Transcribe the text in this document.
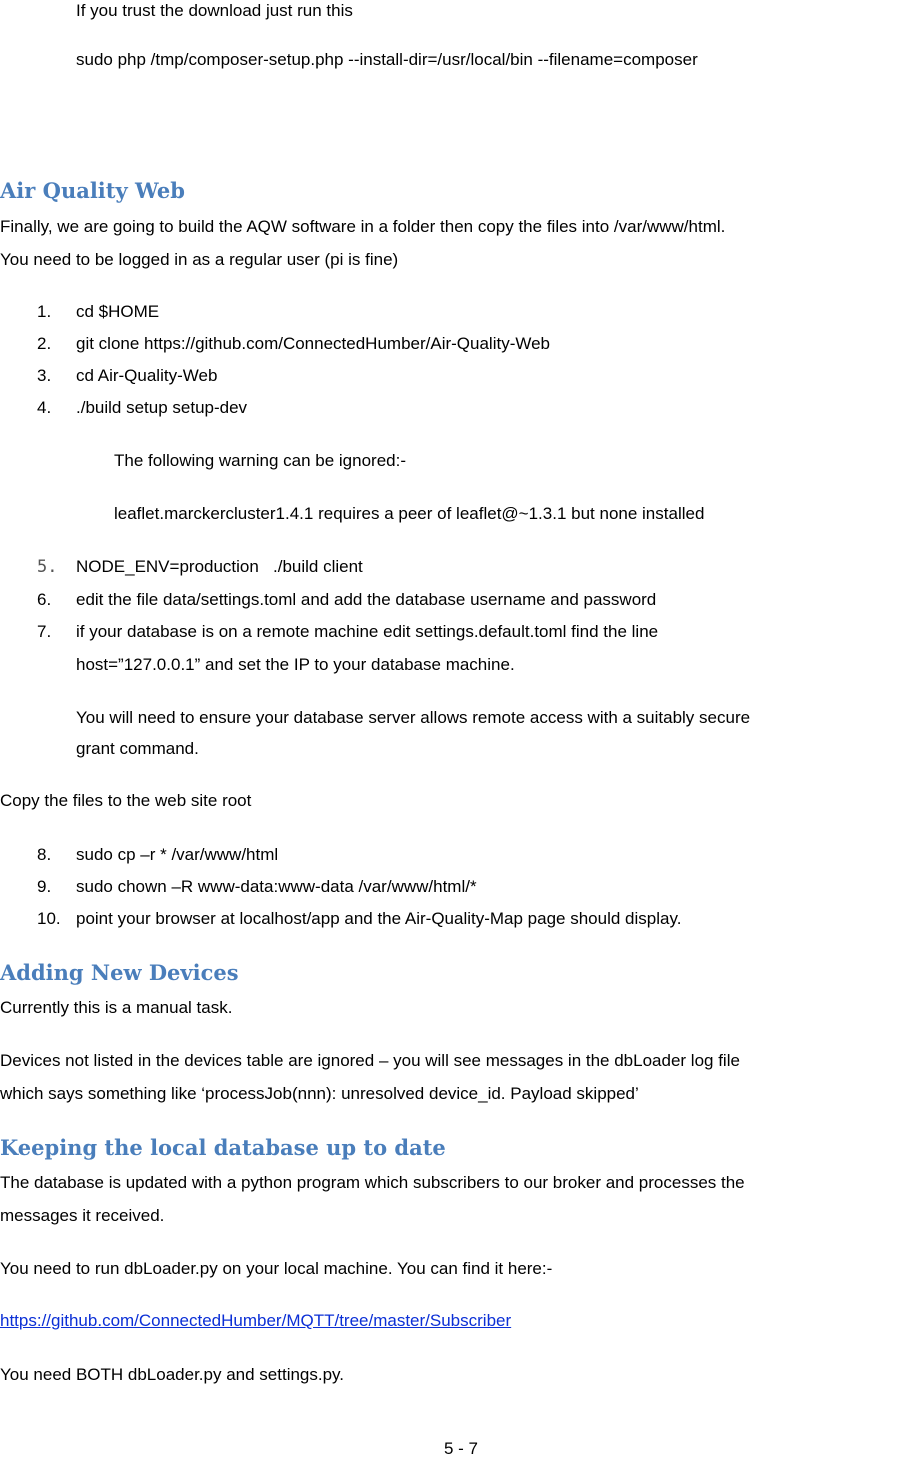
If you trust the download just run this
sudo php /tmp/composer-setup.php --install-dir=/usr/local/bin --filename=composer
Air Quality Web
Finally, we are going to build the AQW software in a folder then copy the files into /var/www/html.
You need to be logged in as a regular user (pi is fine)
1.	cd $HOME
2.	git clone https://github.com/ConnectedHumber/Air-Quality-Web
3.	cd Air-Quality-Web
4.	./build setup setup-dev
The following warning can be ignored:-
leaflet.marckercluster1.4.1 requires a peer of leaflet@~1.3.1 but none installed
5.	NODE_ENV=production   ./build client
6.	edit the file data/settings.toml and add the database username and password
7.	if your database is on a remote machine edit settings.default.toml find the line
host=”127.0.0.1” and set the IP to your database machine.
You will need to ensure your database server allows remote access with a suitably secure
grant command.
Copy the files to the web site root
8.	sudo cp –r * /var/www/html
9.	sudo chown –R www-data:www-data /var/www/html/*
10. point your browser at localhost/app and the Air-Quality-Map page should display.
Adding New Devices
Currently this is a manual task.
Devices not listed in the devices table are ignored – you will see messages in the dbLoader log file
which says something like ‘processJob(nnn): unresolved device_id. Payload skipped’
Keeping the local database up to date
The database is updated with a python program which subscribers to our broker and processes the
messages it received.
You need to run dbLoader.py on your local machine. You can find it here:-
https://github.com/ConnectedHumber/MQTT/tree/master/Subscriber
You need BOTH dbLoader.py and settings.py.
5 - 7
